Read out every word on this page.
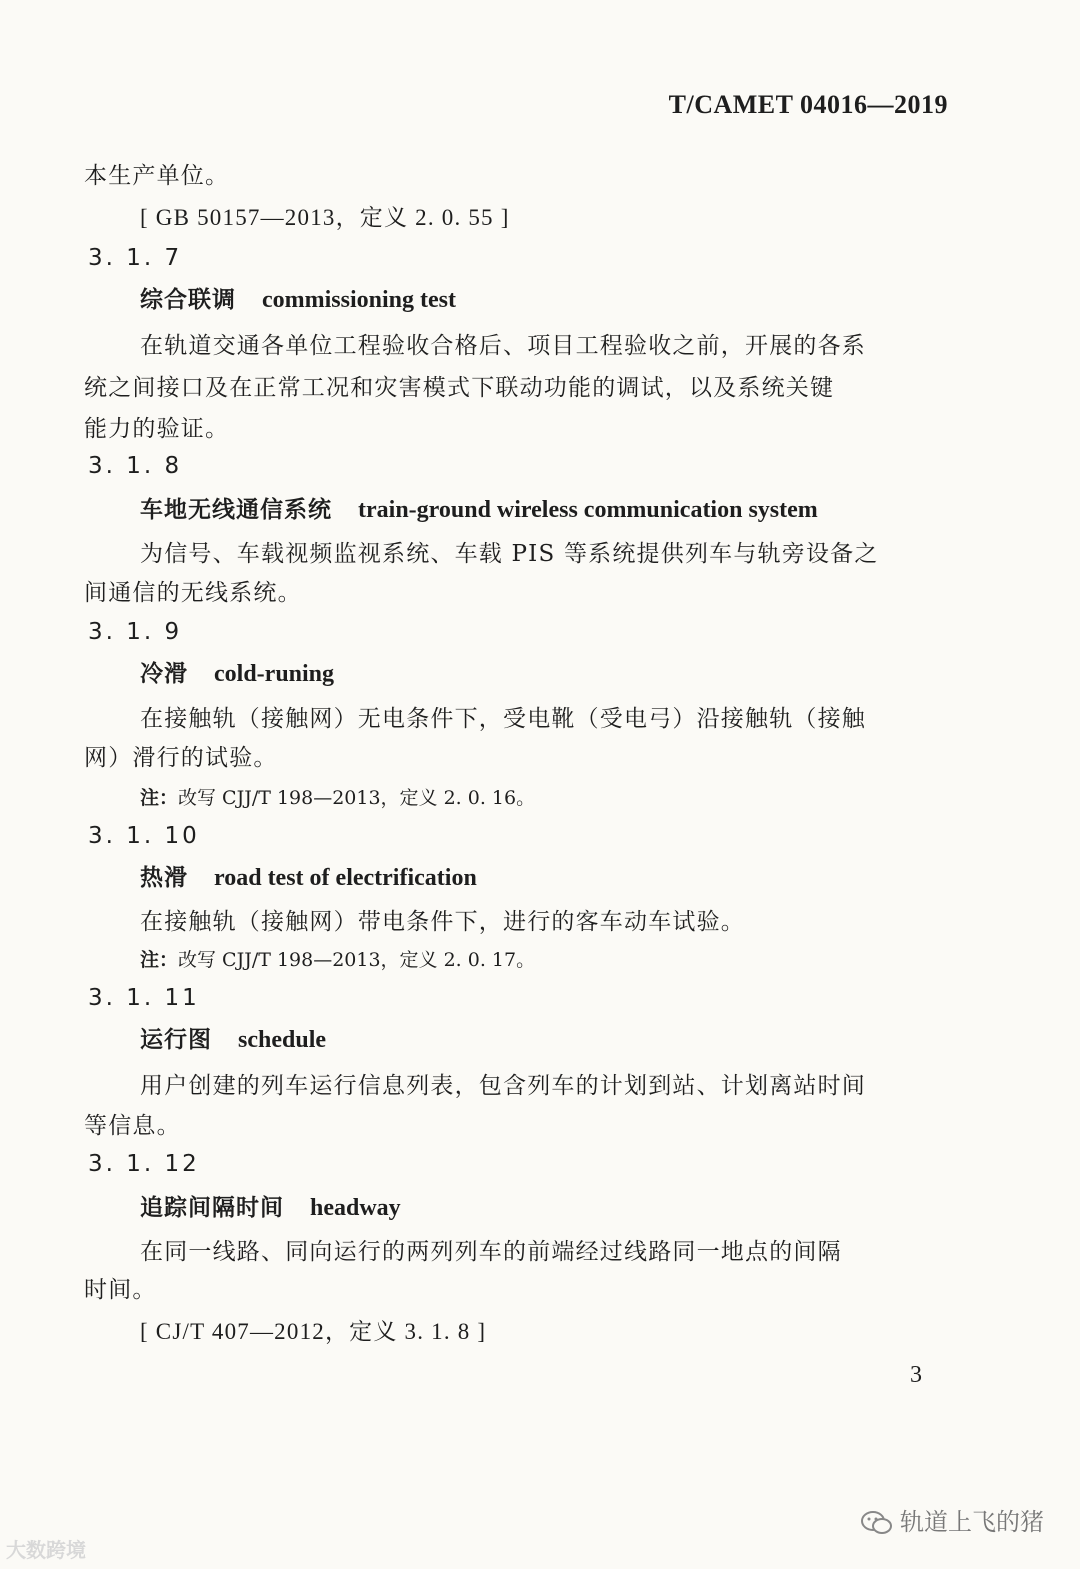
T/CAMET 04016—2019
本生产单位。
[ GB 50157—2013，定义 2. 0. 55 ]
3. 1. 7
综合联调 commissioning test
在轨道交通各单位工程验收合格后、项目工程验收之前，开展的各系
统之间接口及在正常工况和灾害模式下联动功能的调试，以及系统关键
能力的验证。
3. 1. 8
车地无线通信系统 train-ground wireless communication system
为信号、车载视频监视系统、车载 PIS 等系统提供列车与轨旁设备之
间通信的无线系统。
3. 1. 9
冷滑 cold-runing
在接触轨（接触网）无电条件下，受电靴（受电弓）沿接触轨（接触
网）滑行的试验。
注：改写 CJJ/T 198—2013，定义 2. 0. 16。
3. 1. 10
热滑 road test of electrification
在接触轨（接触网）带电条件下，进行的客车动车试验。
注：改写 CJJ/T 198—2013，定义 2. 0. 17。
3. 1. 11
运行图 schedule
用户创建的列车运行信息列表，包含列车的计划到站、计划离站时间
等信息。
3. 1. 12
追踪间隔时间 headway
在同一线路、同向运行的两列列车的前端经过线路同一地点的间隔
时间。
[ CJ/T 407—2012，定义 3. 1. 8 ]
3
大数跨境
轨道上飞的猪
